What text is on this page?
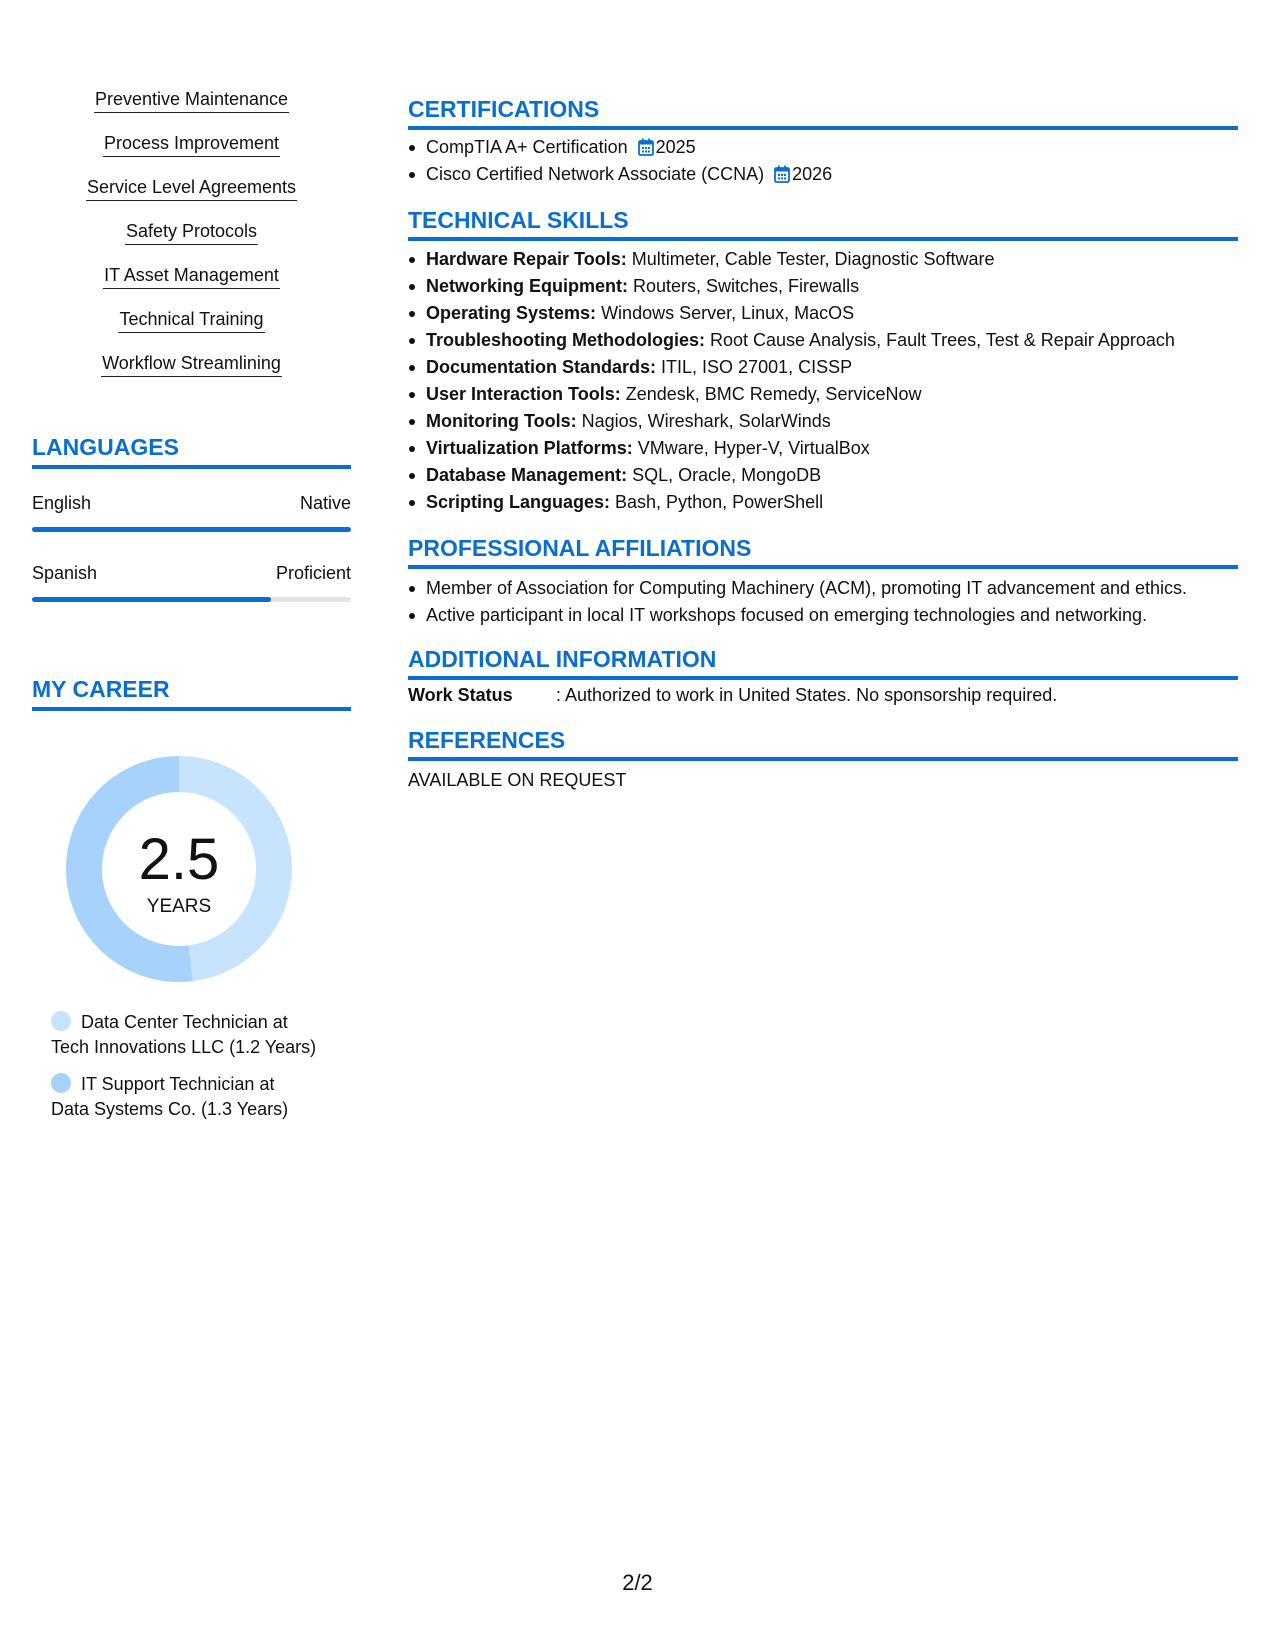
Preventive Maintenance
Process Improvement
Service Level Agreements
Safety Protocols
IT Asset Management
Technical Training
Workflow Streamlining
LANGUAGES
English	Native
Spanish	Proficient
MY CAREER
2.5
YEARS
Data Center Technician at
Tech Innovations LLC (1.2 Years)
IT Support Technician at
Data Systems Co. (1.3 Years)
CERTIFICATIONS
CompTIA A+ Certification 2025
Cisco Certified Network Associate (CCNA) 2026
TECHNICAL SKILLS
Hardware Repair Tools: Multimeter, Cable Tester, Diagnostic Software
Networking Equipment: Routers, Switches, Firewalls
Operating Systems: Windows Server, Linux, MacOS
Troubleshooting Methodologies: Root Cause Analysis, Fault Trees, Test & Repair Approach
Documentation Standards: ITIL, ISO 27001, CISSP
User Interaction Tools: Zendesk, BMC Remedy, ServiceNow
Monitoring Tools: Nagios, Wireshark, SolarWinds
Virtualization Platforms: VMware, Hyper-V, VirtualBox
Database Management: SQL, Oracle, MongoDB
Scripting Languages: Bash, Python, PowerShell
PROFESSIONAL AFFILIATIONS
Member of Association for Computing Machinery (ACM), promoting IT advancement and ethics.
Active participant in local IT workshops focused on emerging technologies and networking.
ADDITIONAL INFORMATION
Work Status : Authorized to work in United States. No sponsorship required.
REFERENCES
AVAILABLE ON REQUEST
2/2
